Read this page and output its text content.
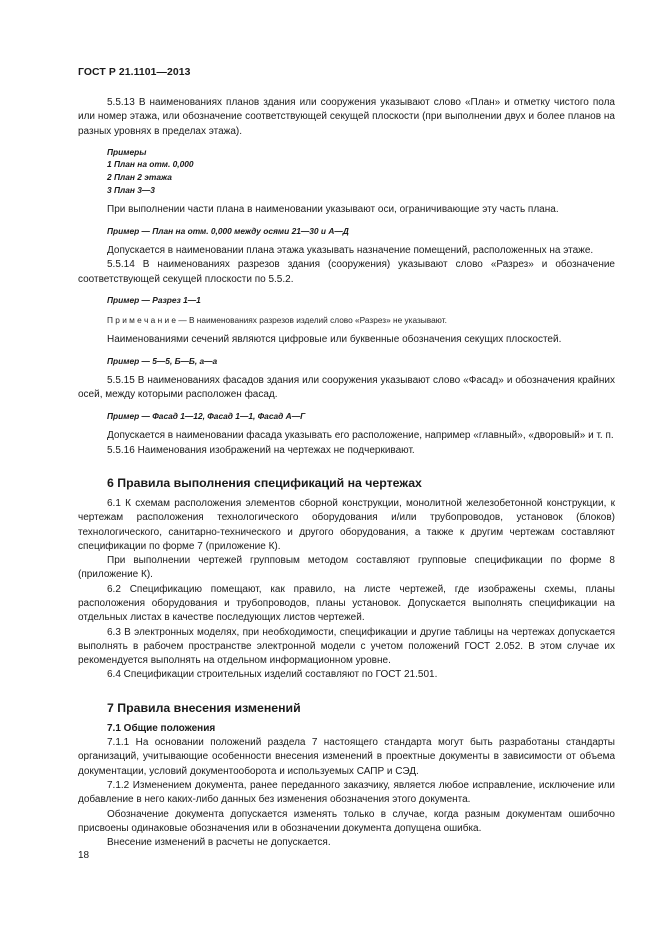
ГОСТ Р 21.1101—2013

5.5.13 В наименованиях планов здания или сооружения указывают слово «План» и отметку чистого пола или номер этажа, или обозначение соответствующей секущей плоскости (при выполнении двух и более планов на разных уровнях в пределах этажа).

Примеры

1 План на отм. 0,000

2 План 2 этажа

3 План 3—3

При выполнении части плана в наименовании указывают оси, ограничивающие эту часть плана.

Пример — План на отм. 0,000 между осями 21—30 и А—Д

Допускается в наименовании плана этажа указывать назначение помещений, расположенных на этаже.

5.5.14 В наименованиях разрезов здания (сооружения) указывают слово «Разрез» и обозначение соответствующей секущей плоскости по 5.5.2.

Пример — Разрез 1—1

П р и м е ч а н и е — В наименованиях разрезов изделий слово «Разрез» не указывают.

Наименованиями сечений являются цифровые или буквенные обозначения секущих плоскостей.

Пример — 5—5, Б—Б, а—а

5.5.15 В наименованиях фасадов здания или сооружения указывают слово «Фасад» и обозначения крайних осей, между которыми расположен фасад.

Пример — Фасад 1—12, Фасад 1—1, Фасад А—Г

Допускается в наименовании фасада указывать его расположение, например «главный», «дворовый» и т. п.

5.5.16 Наименования изображений на чертежах не подчеркивают.

6 Правила выполнения спецификаций на чертежах

6.1 К схемам расположения элементов сборной конструкции, монолитной железобетонной конструкции, к чертежам расположения технологического оборудования и/или трубопроводов, установок (блоков) технологического, санитарно-технического и другого оборудования, а также к другим чертежам составляют спецификации по форме 7 (приложение К).

При выполнении чертежей групповым методом составляют групповые спецификации по форме 8 (приложение К).

6.2 Спецификацию помещают, как правило, на листе чертежей, где изображены схемы, планы расположения оборудования и трубопроводов, планы установок. Допускается выполнять спецификации на отдельных листах в качестве последующих листов чертежей.

6.3 В электронных моделях, при необходимости, спецификации и другие таблицы на чертежах допускается выполнять в рабочем пространстве электронной модели с учетом положений ГОСТ 2.052. В этом случае их рекомендуется выполнять на отдельном информационном уровне.

6.4 Спецификации строительных изделий составляют по ГОСТ 21.501.

7 Правила внесения изменений
7.1 Общие положения

7.1.1 На основании положений раздела 7 настоящего стандарта могут быть разработаны стандарты организаций, учитывающие особенности внесения изменений в проектные документы в зависимости от объема документации, условий документооборота и используемых САПР и СЭД.

7.1.2 Изменением документа, ранее переданного заказчику, является любое исправление, исключение или добавление в него каких-либо данных без изменения обозначения этого документа.

Обозначение документа допускается изменять только в случае, когда разным документам ошибочно присвоены одинаковые обозначения или в обозначении документа допущена ошибка.

Внесение изменений в расчеты не допускается.

18
